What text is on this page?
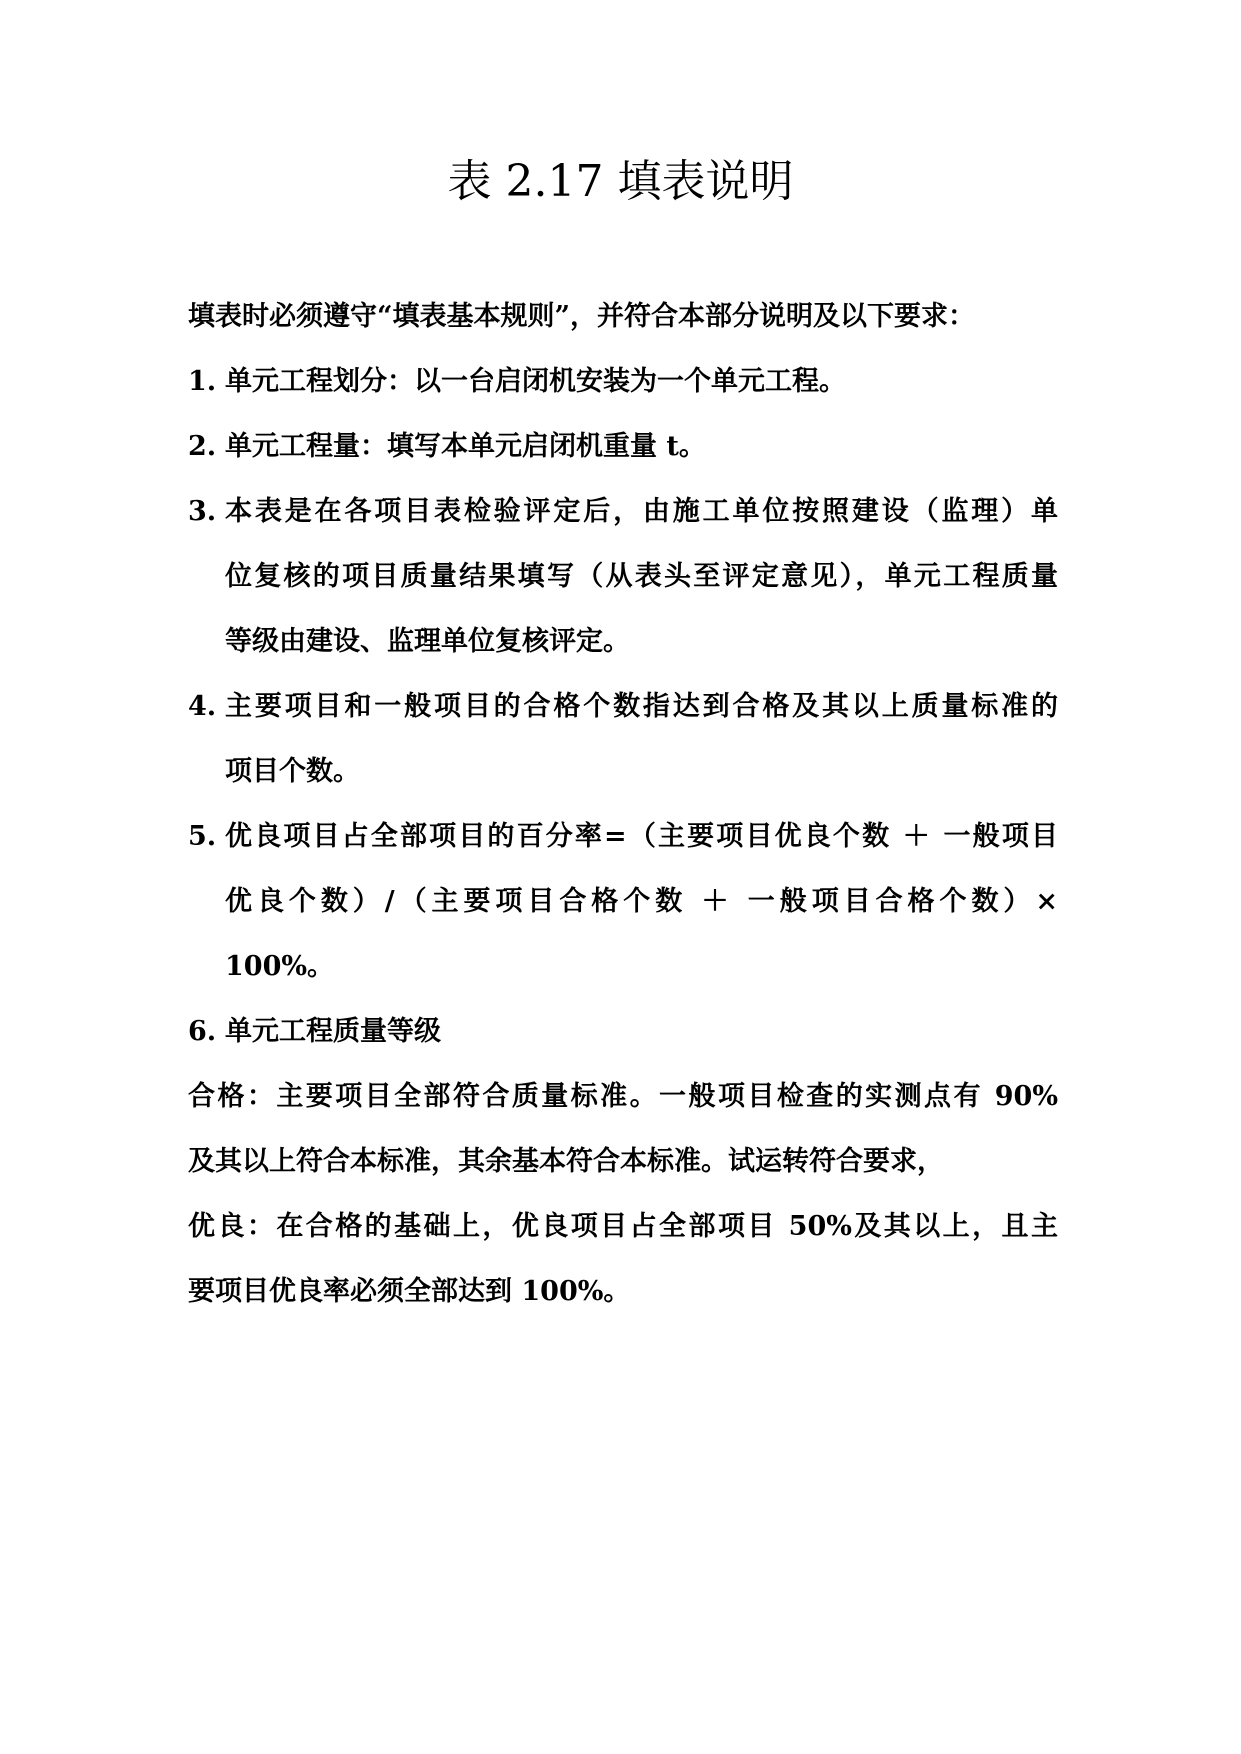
表 2.17 填表说明
填表时必须遵守“填表基本规则”，并符合本部分说明及以下要求：
1. 单元工程划分：以一台启闭机安装为一个单元工程。
2. 单元工程量：填写本单元启闭机重量 t。
3. 本表是在各项目表检验评定后，由施工单位按照建设（监理）单
位复核的项目质量结果填写（从表头至评定意见），单元工程质量
等级由建设、监理单位复核评定。
4. 主要项目和一般项目的合格个数指达到合格及其以上质量标准的
项目个数。
5. 优良项目占全部项目的百分率=（主要项目优良个数 ＋ 一般项目
优良个数）/（主要项目合格个数 ＋ 一般项目合格个数）×
100%。
6. 单元工程质量等级
合格：主要项目全部符合质量标准。一般项目检查的实测点有 90%
及其以上符合本标准，其余基本符合本标准。试运转符合要求，
优良：在合格的基础上，优良项目占全部项目 50%及其以上，且主
要项目优良率必须全部达到 100%。
